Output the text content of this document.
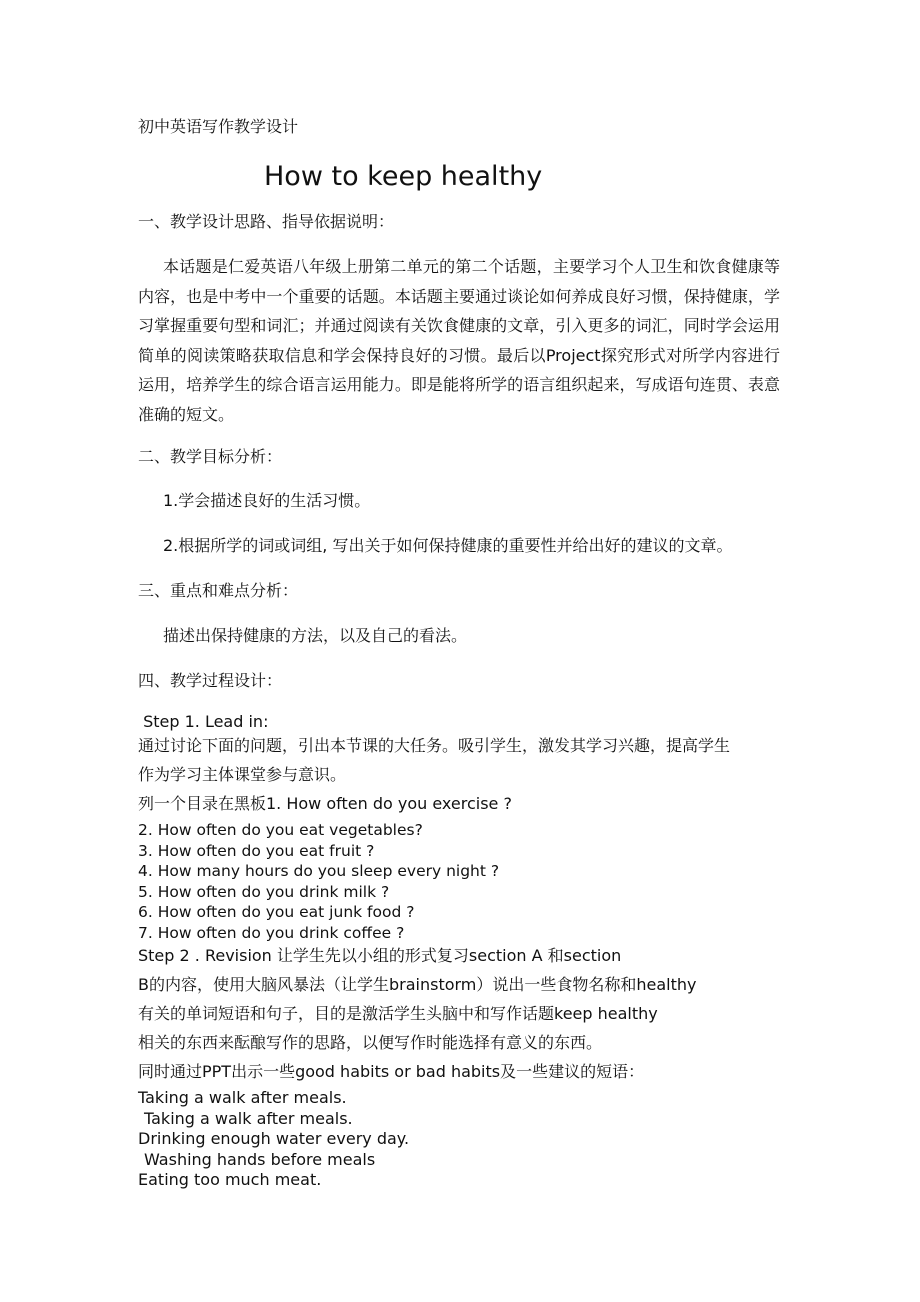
初中英语写作教学设计
How to keep healthy
一、教学设计思路、指导依据说明：
本话题是仁爱英语八年级上册第二单元的第二个话题，主要学习个人卫生和饮食健康等内容，也是中考中一个重要的话题。本话题主要通过谈论如何养成良好习惯，保持健康，学习掌握重要句型和词汇；并通过阅读有关饮食健康的文章，引入更多的词汇，同时学会运用简单的阅读策略获取信息和学会保持良好的习惯。最后以Project探究形式对所学内容进行运用，培养学生的综合语言运用能力。即是能将所学的语言组织起来，写成语句连贯、表意准确的短文。
二、教学目标分析：
1.学会描述良好的生活习惯。
2.根据所学的词或词组, 写出关于如何保持健康的重要性并给出好的建议的文章。
三、重点和难点分析：
描述出保持健康的方法，以及自己的看法。
四、教学过程设计：
Step 1. Lead in:
通过讨论下面的问题，引出本节课的大任务。吸引学生，激发其学习兴趣，提高学生
作为学习主体课堂参与意识。
列一个目录在黑板1. How often do you exercise ?
2. How often do you eat vegetables?
3. How often do you eat fruit ?
4. How many hours do you sleep every night ?
5. How often do you drink milk ?
6. How often do you eat junk food ?
7. How often do you drink coffee ?
Step 2 . Revision 让学生先以小组的形式复习section A 和section
B的内容，使用大脑风暴法（让学生brainstorm）说出一些食物名称和healthy
有关的单词短语和句子，目的是激活学生头脑中和写作话题keep healthy
相关的东西来酝酿写作的思路，以便写作时能选择有意义的东西。
同时通过PPT出示一些good habits or bad habits及一些建议的短语：
Taking a walk after meals.
Taking a walk after meals.
Drinking enough water every day.
Washing hands before meals
Eating too much meat.
